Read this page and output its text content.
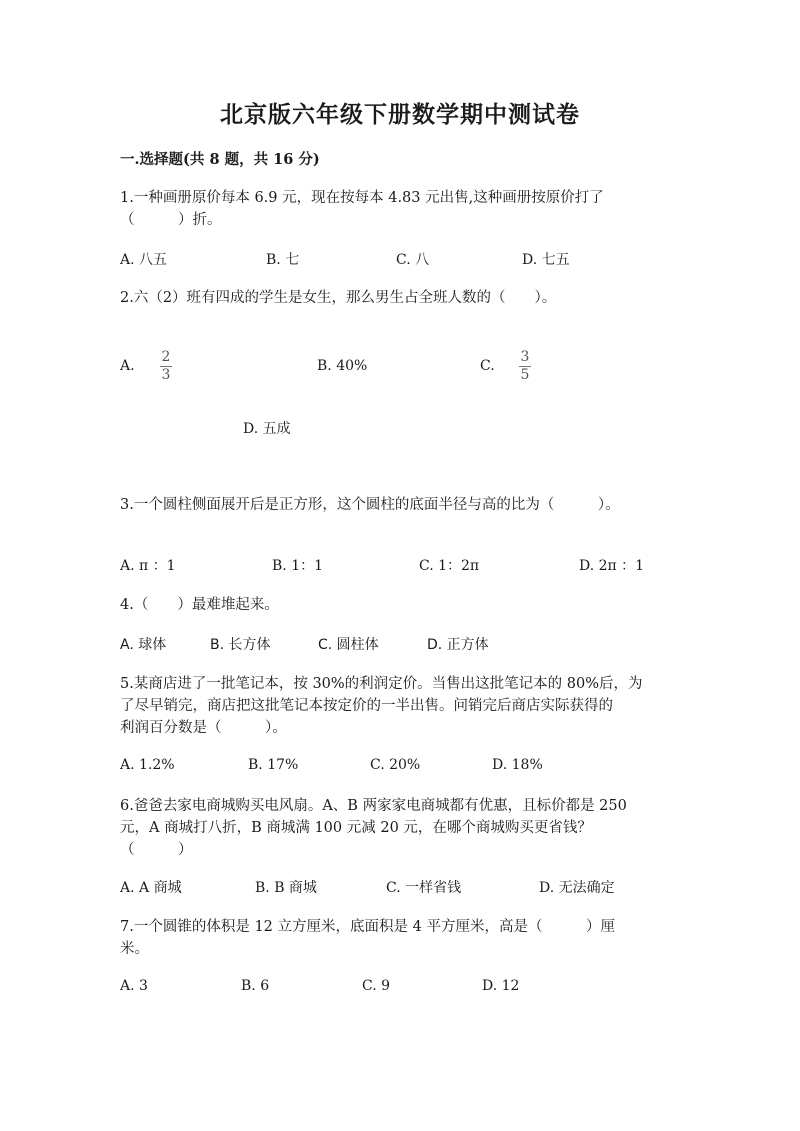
北京版六年级下册数学期中测试卷
一.选择题(共 8 题，共 16 分)
1.一种画册原价每本 6.9 元，现在按每本 4.83 元出售,这种画册按原价打了
（　　　）折。
A. 八五	B. 七	C. 八	D. 七五
2.六（2）班有四成的学生是女生，那么男生占全班人数的（　　）。
A.
2
3
B. 40%	C.
3
5
D. 五成
3.一个圆柱侧面展开后是正方形，这个圆柱的底面半径与高的比为（　　　）。
A. π ：1	B. 1：1	C. 1：2π	D. 2π ：1
4.（　　）最难堆起来。
A. 球体	B. 长方体	C. 圆柱体	D. 正方体
5.某商店进了一批笔记本，按 30%的利润定价。当售出这批笔记本的 80%后，为
了尽早销完，商店把这批笔记本按定价的一半出售。问销完后商店实际获得的
利润百分数是（　　　）。
A. 1.2%	B. 17%	C. 20%	D. 18%
6.爸爸去家电商城购买电风扇。A、B 两家家电商城都有优惠，且标价都是 250
元，A 商城打八折，B 商城满 100 元减 20 元，在哪个商城购买更省钱？
（　　　）
A. A 商城	B. B 商城	C. 一样省钱	D. 无法确定
7.一个圆锥的体积是 12 立方厘米，底面积是 4 平方厘米，高是（　　　）厘
米。
A. 3	B. 6	C. 9	D. 12
